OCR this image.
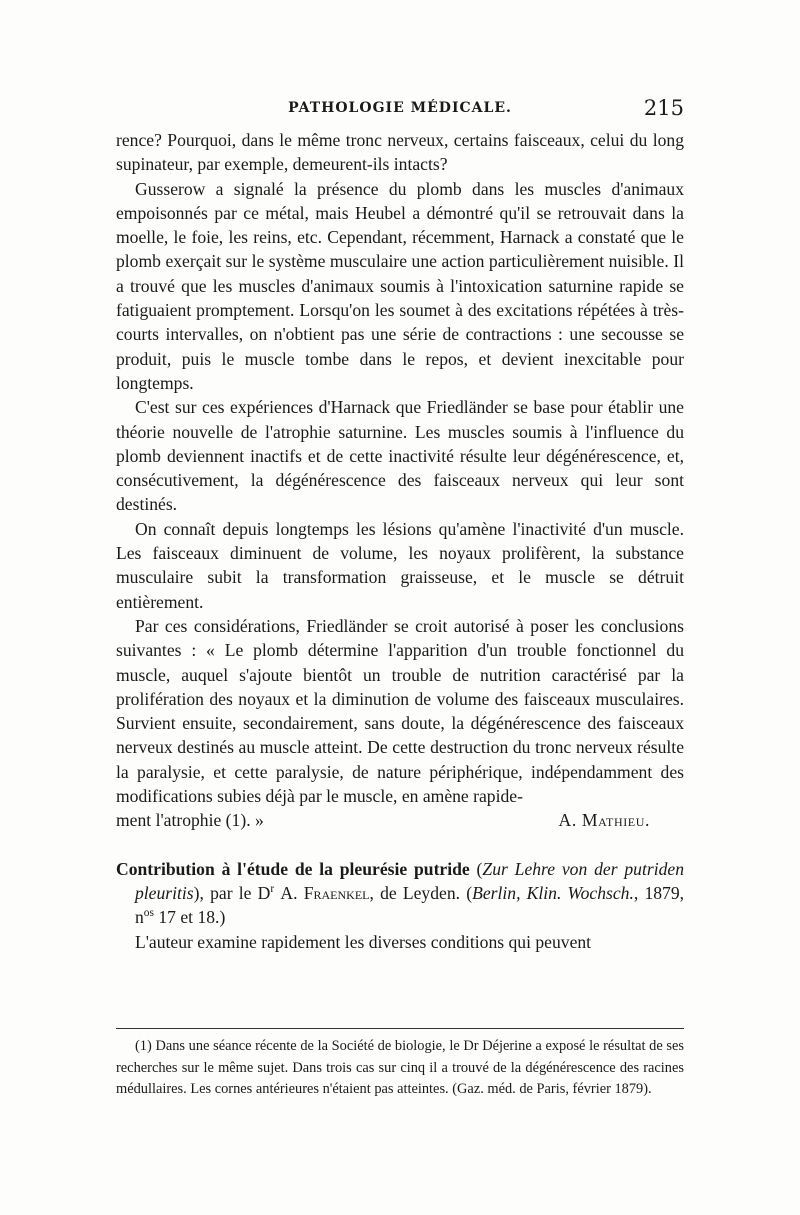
PATHOLOGIE MÉDICALE.	215

rence? Pourquoi, dans le même tronc nerveux, certains faisceaux, celui du long supinateur, par exemple, demeurent-ils intacts?

Gusserow a signalé la présence du plomb dans les muscles d'animaux empoisonnés par ce métal, mais Heubel a démontré qu'il se retrouvait dans la moelle, le foie, les reins, etc. Cependant, récemment, Harnack a constaté que le plomb exerçait sur le système musculaire une action particulièrement nuisible. Il a trouvé que les muscles d'animaux soumis à l'intoxication saturnine rapide se fatiguaient promptement. Lorsqu'on les soumet à des excitations répétées à très-courts intervalles, on n'obtient pas une série de contractions : une secousse se produit, puis le muscle tombe dans le repos, et devient inexcitable pour longtemps.

C'est sur ces expériences d'Harnack que Friedländer se base pour établir une théorie nouvelle de l'atrophie saturnine. Les muscles soumis à l'influence du plomb deviennent inactifs et de cette inactivité résulte leur dégénérescence, et, consécutivement, la dégénérescence des faisceaux nerveux qui leur sont destinés.

On connaît depuis longtemps les lésions qu'amène l'inactivité d'un muscle. Les faisceaux diminuent de volume, les noyaux prolifèrent, la substance musculaire subit la transformation graisseuse, et le muscle se détruit entièrement.

Par ces considérations, Friedländer se croit autorisé à poser les conclusions suivantes : « Le plomb détermine l'apparition d'un trouble fonctionnel du muscle, auquel s'ajoute bientôt un trouble de nutrition caractérisé par la prolifération des noyaux et la diminution de volume des faisceaux musculaires. Survient ensuite, secondairement, sans doute, la dégénérescence des faisceaux nerveux destinés au muscle atteint. De cette destruction du tronc nerveux résulte la paralysie, et cette paralysie, de nature périphérique, indépendamment des modifications subies déjà par le muscle, en amène rapide-

ment l'atrophie (1). »	A. Mathieu.
Contribution à l'étude de la pleurésie putride (Zur Lehre von der putriden pleuritis), par le $D^r$ A. Fraenkel, de Leyden. (Berlin, Klin. Wochsch., 1879, $n^{os}$ 17 et 18.)

L'auteur examine rapidement les diverses conditions qui peuvent

(1) Dans une séance récente de la Société de biologie, le Dr Déjerine a exposé le résultat de ses recherches sur le même sujet. Dans trois cas sur cinq il a trouvé de la dégénérescence des racines médullaires. Les cornes antérieures n'étaient pas atteintes. (Gaz. méd. de Paris, février 1879).
